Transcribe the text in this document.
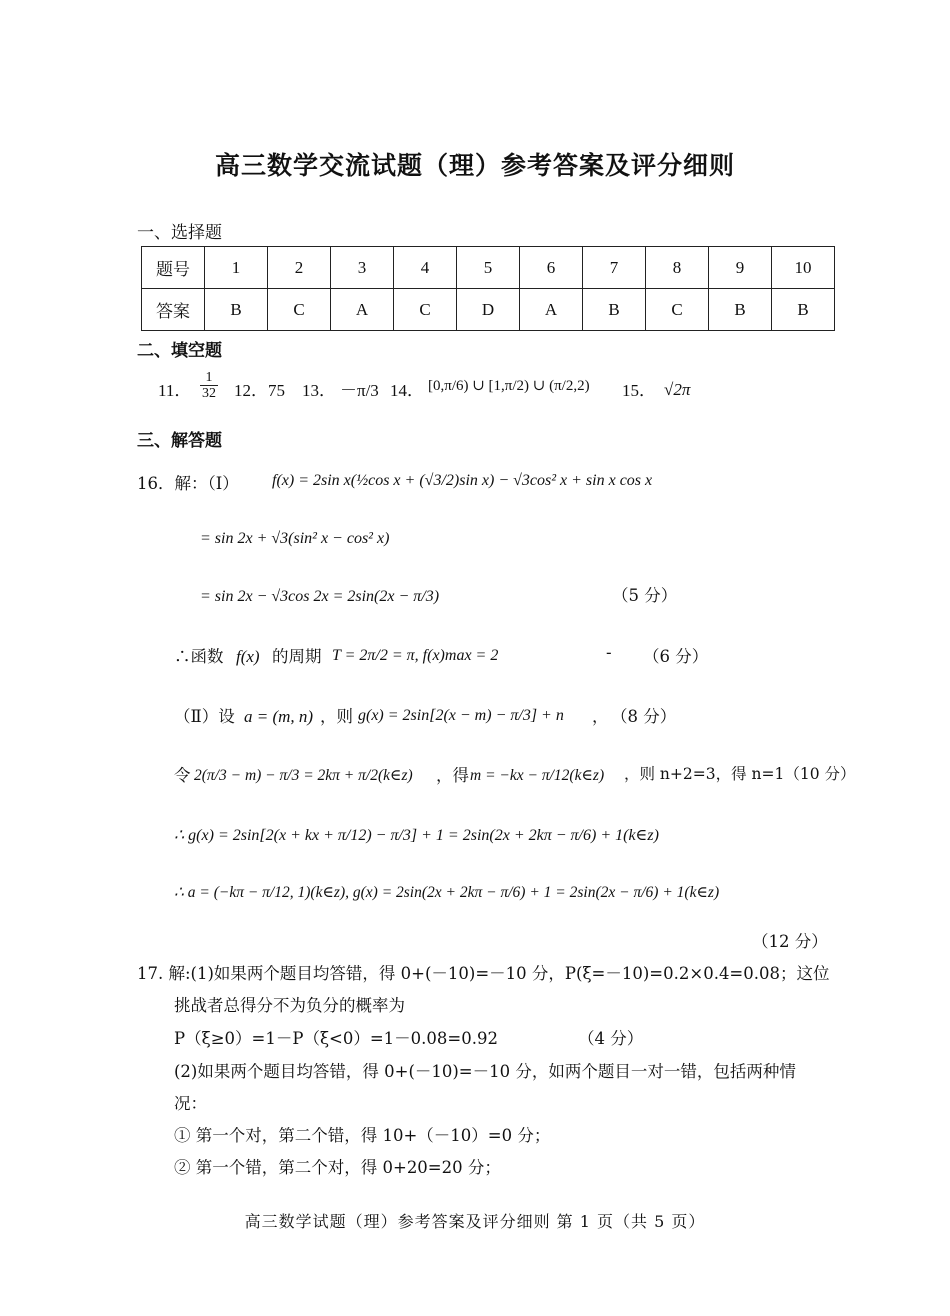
高三数学交流试题（理）参考答案及评分细则
一、选择题
题号	1	2	3	4	5	6	7	8	9	10
答案	B	C	A	C	D	A	B	C	B	B
二、填空题
11． $\frac{1}{32} 12$．75 13． －π/3 14． [0,π/6) ∪ [1,π/2) ∪ (π/2,2) 15． √2π
三、解答题
16．解：（Ⅰ） f(x) = 2sin x(½cos x + (√3/2)sin x) − √3cos² x + sin x cos x
= sin 2x + √3(sin² x − cos² x)
= sin 2x − √3cos 2x = 2sin(2x − π/3)	（5 分）
∴函数 f(x) 的周期 T = 2π/2 = π, f(x)max = 2	- （6 分）
（Ⅱ）设 a = (m, n) ，则 g(x) = 2sin[2(x − m) − π/3] + n ， （8 分）
令 2(π/3 − m) − π/3 = 2kπ + π/2(k∈z) ，得 m = −kx − π/12(k∈z) ，则 n+2=3，得 n=1（10 分）
∴ g(x) = 2sin[2(x + kx + π/12) − π/3] + 1 = 2sin(2x + 2kπ − π/6) + 1(k∈z)
∴ a = (−kπ − π/12, 1)(k∈z), g(x) = 2sin(2x + 2kπ − π/6) + 1 = 2sin(2x − π/6) + 1(k∈z)
（12 分）
17. 解:(1)如果两个题目均答错，得 0+(－10)=－10 分，P(ξ=－10)=0.2×0.4=0.08；这位
挑战者总得分不为负分的概率为
P（ξ≥0）=1－P（ξ<0）=1－0.08=0.92	（4 分）
(2)如果两个题目均答错，得 0+(－10)=－10 分，如两个题目一对一错，包括两种情
况：
① 第一个对，第二个错，得 10+（－10）=0 分；
② 第一个错，第二个对，得 0+20=20 分；
高三数学试题（理）参考答案及评分细则 第 1 页（共 5 页）
